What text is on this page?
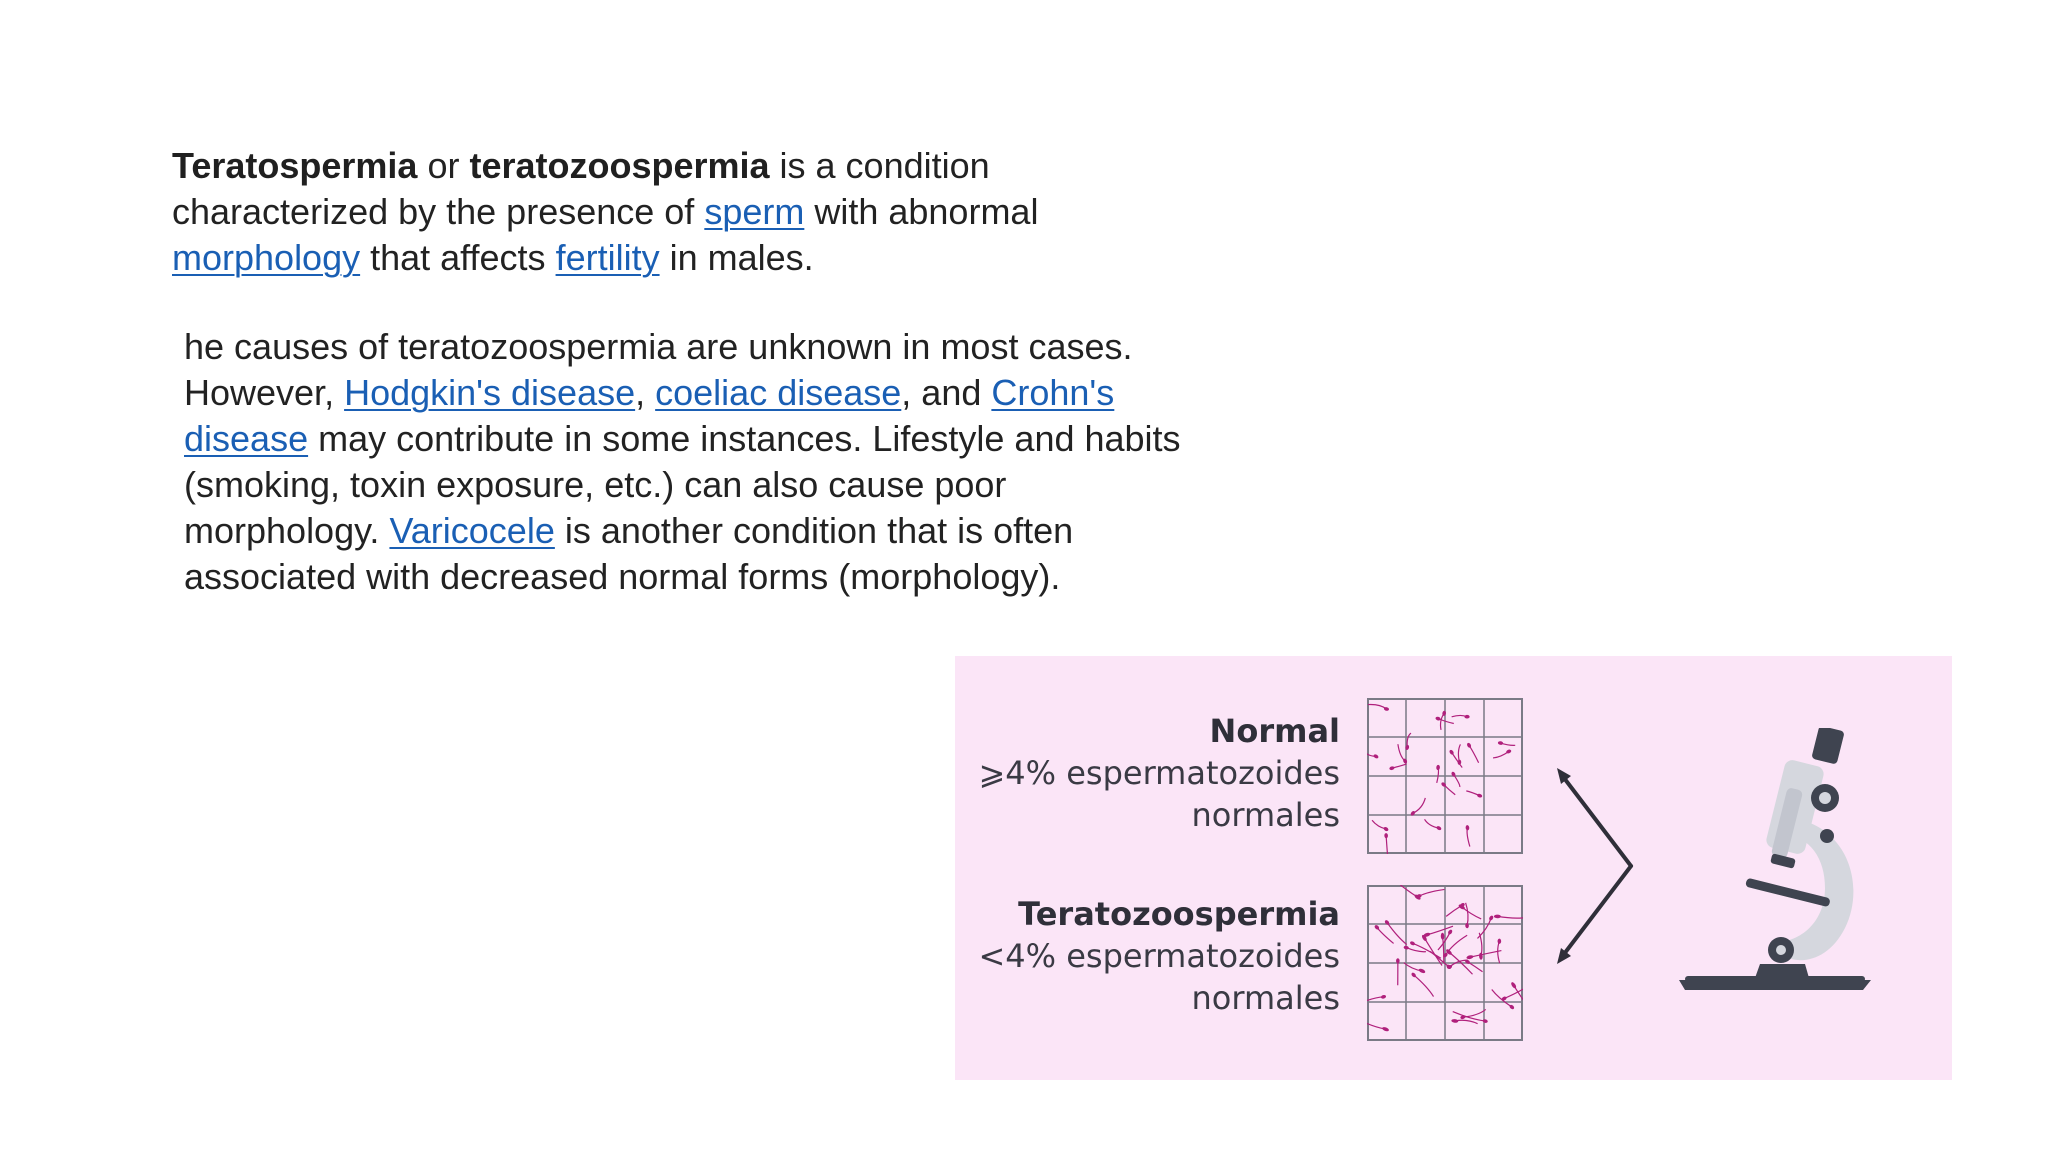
Teratospermia or teratozoospermia is a condition characterized by the presence of sperm with abnormal morphology that affects fertility in males.

he causes of teratozoospermia are unknown in most cases. However, Hodgkin's disease, coeliac disease, and Crohn's disease may contribute in some instances. Lifestyle and habits (smoking, toxin exposure, etc.) can also cause poor morphology. Varicocele is another condition that is often associated with decreased normal forms (morphology).

Normal
⩾4% espermatozoides
normales
Teratozoospermia
<4% espermatozoides
normales
